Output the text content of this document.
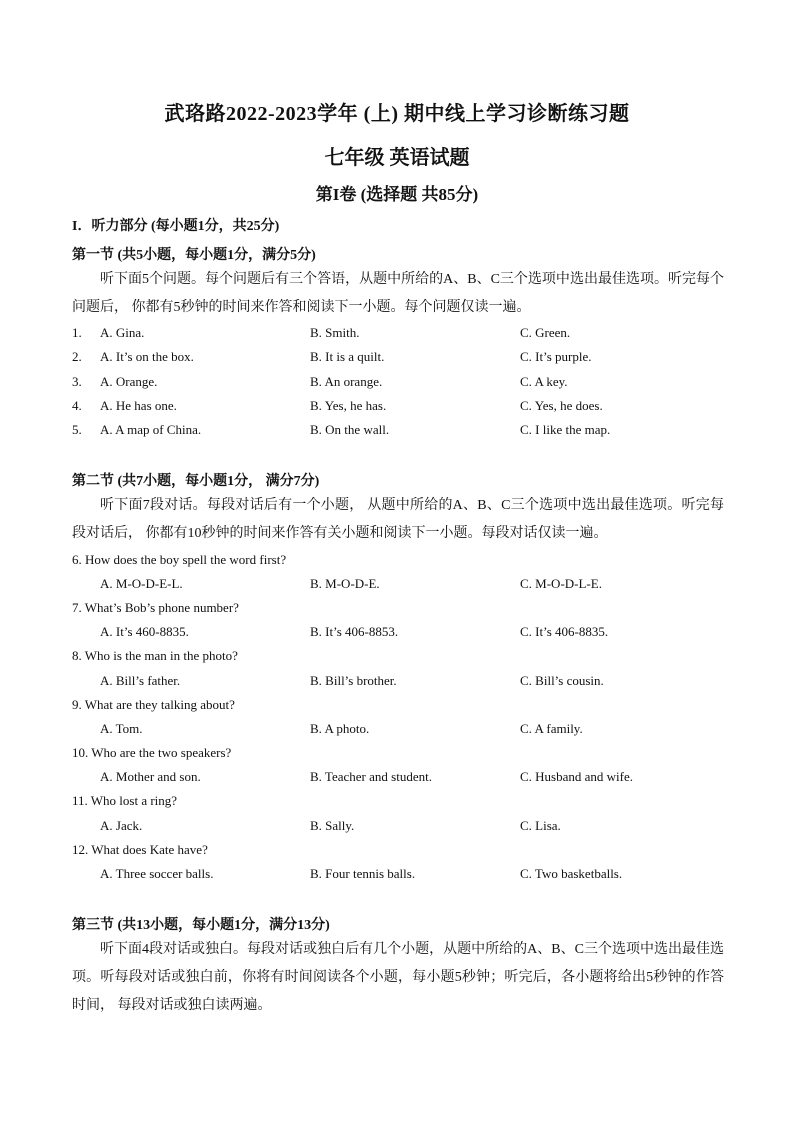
武珞路2022-2023学年 (上) 期中线上学习诊断练习题
七年级 英语试题
第I卷 (选择题 共85分)
I．听力部分 (每小题1分，共25分)
第一节 (共5小题，每小题1分，满分5分)
听下面5个问题。每个问题后有三个答语，从题中所给的A、B、C三个选项中选出最佳选项。听完每个问题后， 你都有5秒钟的时间来作答和阅读下一小题。每个问题仅读一遍。
1. A. Gina.	B. Smith.	C. Green.
2. A. It’s on the box.	B. It is a quilt.	C. It’s purple.
3. A. Orange.	B. An orange.	C. A key.
4. A. He has one.	B. Yes, he has.	C. Yes, he does.
5. A. A map of China.	B. On the wall.	C. I like the map.
第二节 (共7小题，每小题1分， 满分7分)
听下面7段对话。每段对话后有一个小题， 从题中所给的A、B、C三个选项中选出最佳选项。听完每段对话后， 你都有10秒钟的时间来作答有关小题和阅读下一小题。每段对话仅读一遍。
6. How does the boy spell the word first?
A. M-O-D-E-L.	B. M-O-D-E.	C. M-O-D-L-E.
7. What’s Bob’s phone number?
A. It’s 460-8835.	B. It’s 406-8853.	C. It’s 406-8835.
8. Who is the man in the photo?
A. Bill’s father.	B. Bill’s brother.	C. Bill’s cousin.
9. What are they talking about?
A. Tom.	B. A photo.	C. A family.
10. Who are the two speakers?
A. Mother and son.	B. Teacher and student.	C. Husband and wife.
11. Who lost a ring?
A. Jack.	B. Sally.	C. Lisa.
12. What does Kate have?
A. Three soccer balls.	B. Four tennis balls.	C. Two basketballs.
第三节 (共13小题，每小题1分，满分13分)
听下面4段对话或独白。每段对话或独白后有几个小题，从题中所给的A、B、C三个选项中选出最佳选项。听每段对话或独白前，你将有时间阅读各个小题，每小题5秒钟；听完后，各小题将给出5秒钟的作答时间， 每段对话或独白读两遍。
